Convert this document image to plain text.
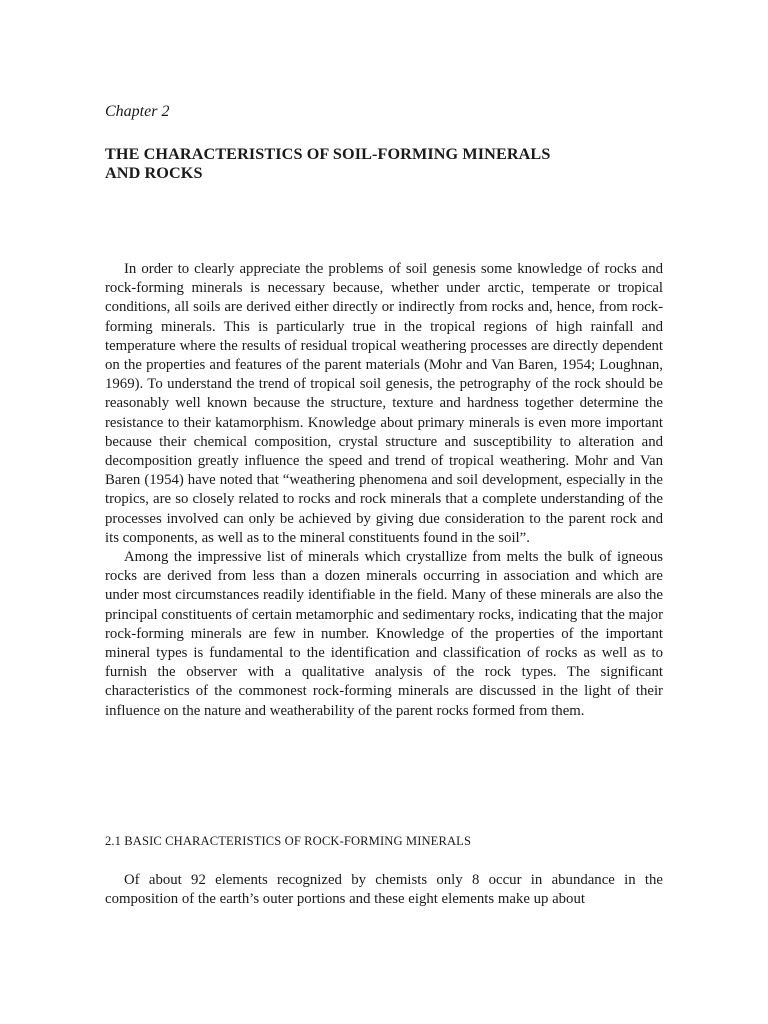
Chapter 2

THE CHARACTERISTICS OF SOIL-FORMING MINERALS
AND ROCKS

In order to clearly appreciate the problems of soil genesis some knowledge of rocks and rock-forming minerals is necessary because, whether under arctic, temperate or tropical conditions, all soils are derived either directly or indirectly from rocks and, hence, from rock-forming minerals. This is particularly true in the tropical regions of high rainfall and temperature where the results of residual tropical weathering processes are directly dependent on the properties and features of the parent materials (Mohr and Van Baren, 1954; Loughnan, 1969). To understand the trend of tropical soil genesis, the petrography of the rock should be reasonably well known because the structure, texture and hardness together determine the resistance to their katamorphism. Knowledge about primary minerals is even more important because their chemical composition, crystal structure and susceptibility to alteration and decomposition greatly influence the speed and trend of tropical weathering. Mohr and Van Baren (1954) have noted that “weathering phenomena and soil development, especially in the tropics, are so closely related to rocks and rock minerals that a complete understanding of the processes involved can only be achieved by giving due consideration to the parent rock and its components, as well as to the mineral constituents found in the soil”.

Among the impressive list of minerals which crystallize from melts the bulk of igneous rocks are derived from less than a dozen minerals occurring in association and which are under most circumstances readily identifiable in the field. Many of these minerals are also the principal constituents of certain metamorphic and sedimentary rocks, indicating that the major rock-forming minerals are few in number. Knowledge of the properties of the important mineral types is fundamental to the identification and classification of rocks as well as to furnish the observer with a qualitative analysis of the rock types. The significant characteristics of the commonest rock-forming minerals are discussed in the light of their influence on the nature and weatherability of the parent rocks formed from them.

2.1 BASIC CHARACTERISTICS OF ROCK-FORMING MINERALS

Of about 92 elements recognized by chemists only 8 occur in abundance in the composition of the earth’s outer portions and these eight elements make up about
